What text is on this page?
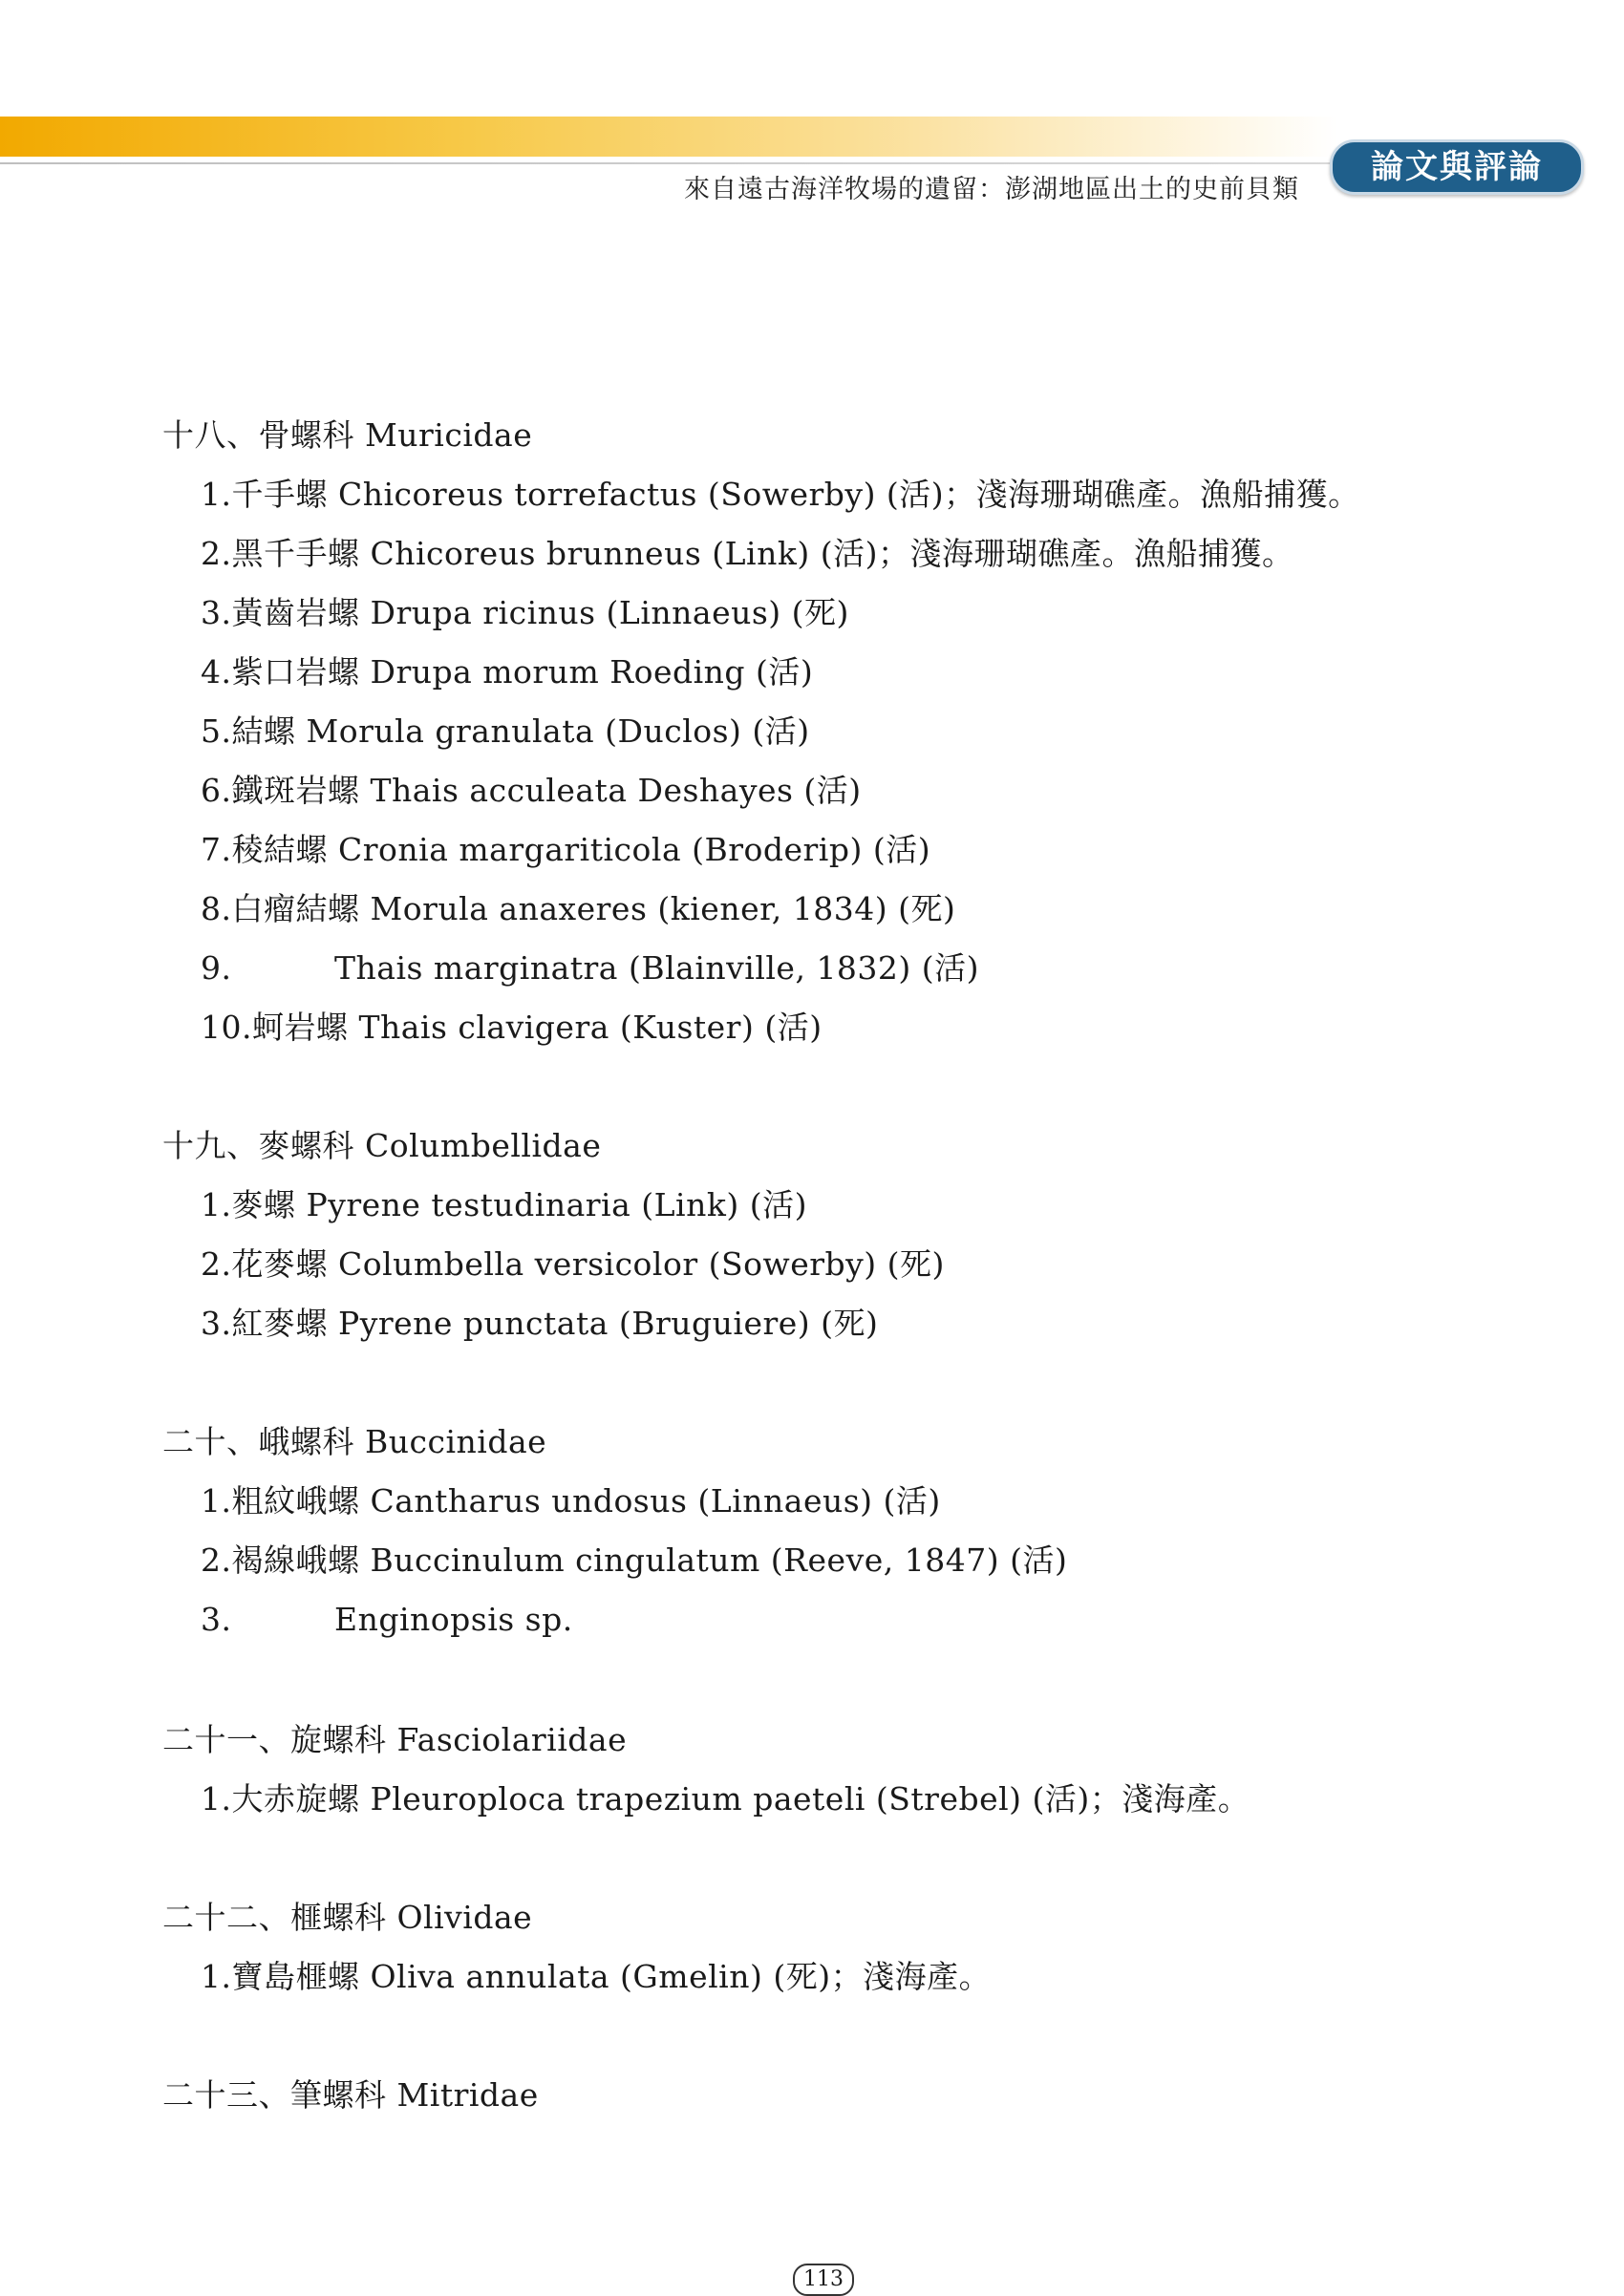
來自遠古海洋牧場的遺留：澎湖地區出土的史前貝類
論文與評論
十八、骨螺科 Muricidae
1.千手螺 Chicoreus torrefactus (Sowerby) (活)；淺海珊瑚礁產。漁船捕獲。
2.黑千手螺 Chicoreus brunneus (Link) (活)；淺海珊瑚礁產。漁船捕獲。
3.黃齒岩螺 Drupa ricinus (Linnaeus) (死)
4.紫口岩螺 Drupa morum Roeding (活)
5.結螺 Morula granulata (Duclos) (活)
6.鐵斑岩螺 Thais acculeata Deshayes (活)
7.稜結螺 Cronia margariticola (Broderip) (活)
8.白瘤結螺 Morula anaxeres (kiener, 1834) (死)
9.	Thais marginatra (Blainville, 1832) (活)
10.蚵岩螺 Thais clavigera (Kuster) (活)
十九、麥螺科 Columbellidae
1.麥螺 Pyrene testudinaria (Link) (活)
2.花麥螺 Columbella versicolor (Sowerby) (死)
3.紅麥螺 Pyrene punctata (Bruguiere) (死)
二十、峨螺科 Buccinidae
1.粗紋峨螺 Cantharus undosus (Linnaeus) (活)
2.褐線峨螺 Buccinulum cingulatum (Reeve, 1847) (活)
3.	Enginopsis sp.
二十一、旋螺科 Fasciolariidae
1.大赤旋螺 Pleuroploca trapezium paeteli (Strebel) (活)；淺海產。
二十二、榧螺科 Olividae
1.寶島榧螺 Oliva annulata (Gmelin) (死)；淺海產。
二十三、筆螺科 Mitridae
113
